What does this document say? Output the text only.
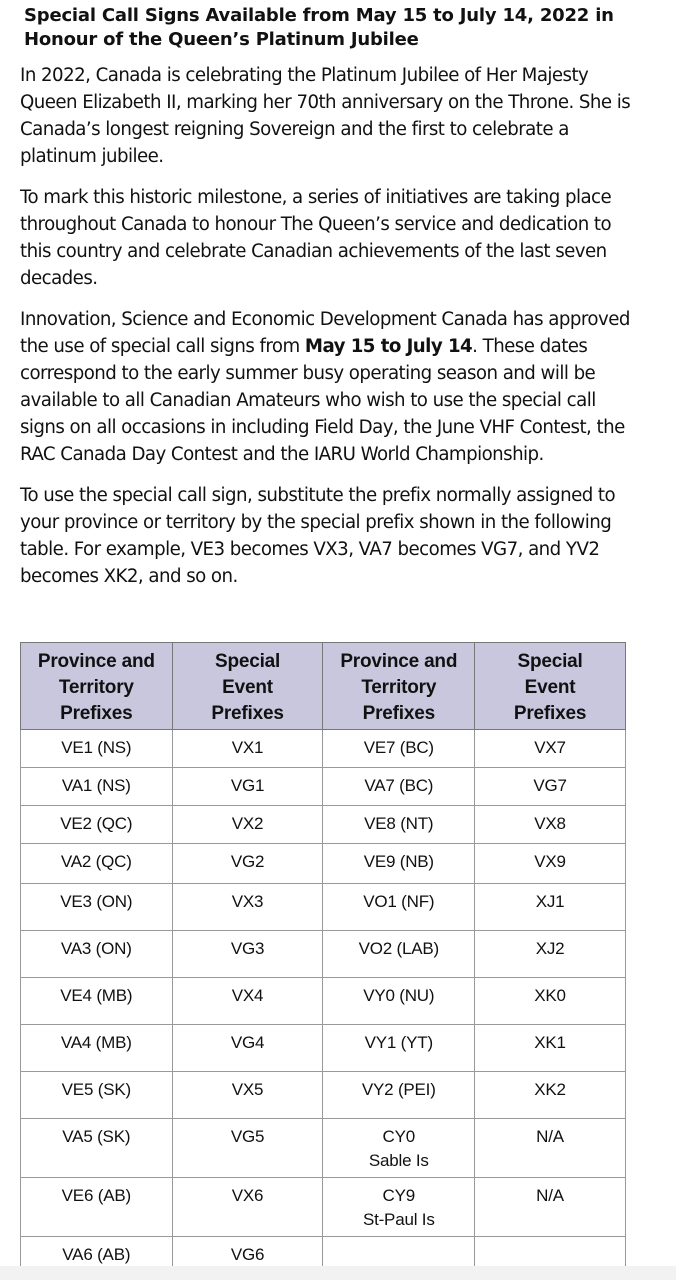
Special Call Signs Available from May 15 to July 14, 2022 in
Honour of the Queen’s Platinum Jubilee

In 2022, Canada is celebrating the Platinum Jubilee of Her Majesty Queen Elizabeth II, marking her 70th anniversary on the Throne. She is Canada’s longest reigning Sovereign and the first to celebrate a platinum jubilee.

To mark this historic milestone, a series of initiatives are taking place throughout Canada to honour The Queen’s service and dedication to this country and celebrate Canadian achievements of the last seven decades.

Innovation, Science and Economic Development Canada has approved the use of special call signs from May 15 to July 14. These dates correspond to the early summer busy operating season and will be available to all Canadian Amateurs who wish to use the special call signs on all occasions in including Field Day, the June VHF Contest, the RAC Canada Day Contest and the IARU World Championship.

To use the special call sign, substitute the prefix normally assigned to your province or territory by the special prefix shown in the following table. For example, VE3 becomes VX3, VA7 becomes VG7, and YV2 becomes XK2, and so on.

Province and
Territory
Prefixes	Special
Event
Prefixes	Province and
Territory
Prefixes	Special
Event
Prefixes

VE1 (NS)	VX1	VE7 (BC)	VX7
VA1 (NS)	VG1	VA7 (BC)	VG7
VE2 (QC)	VX2	VE8 (NT)	VX8
VA2 (QC)	VG2	VE9 (NB)	VX9
VE3 (ON)	VX3	VO1 (NF)	XJ1
VA3 (ON)	VG3	VO2 (LAB)	XJ2
VE4 (MB)	VX4	VY0 (NU)	XK0
VA4 (MB)	VG4	VY1 (YT)	XK1
VE5 (SK)	VX5	VY2 (PEI)	XK2
VA5 (SK)	VG5	CY0
Sable Is	N/A
VE6 (AB)	VX6	CY9
St-Paul Is	N/A
VA6 (AB)	VG6		
